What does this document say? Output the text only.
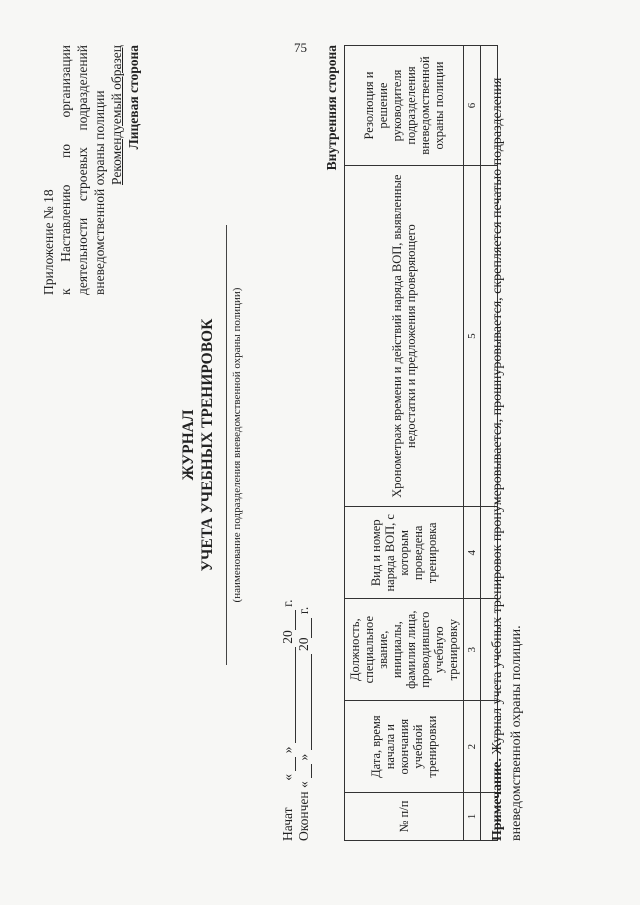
75
Приложение № 18 к Наставлению по организации деятельности строевых подразделений вневедомственной охраны полиции Рекомендуемый образец Лицевая сторона
ЖУРНАЛ УЧЕТА УЧЕБНЫХ ТРЕНИРОВОК (наименование подразделения вневедомственной охраны полиции)
Начат  «  »  20 г.
Окончен «  »  20 г.
Внутренняя сторона
№ п/п	Дата, время начала и окончания учебной тренировки	Должность, специальное звание, инициалы, фамилия лица, проводившего учебную тренировку	Вид и номер наряда ВОП, с которым проведена тренировка	Хронометраж времени и действий наряда ВОП, выявленные недостатки и предложения проверяющего	Резолюция и решение руководителя подразделения вневедомственной охраны полиции
1	2	3	4	5	6

Примечание. Журнал учета учебных тренировок пронумеровывается, прошнуровывается, скрепляется печатью подразделения вневедомственной охраны полиции.
